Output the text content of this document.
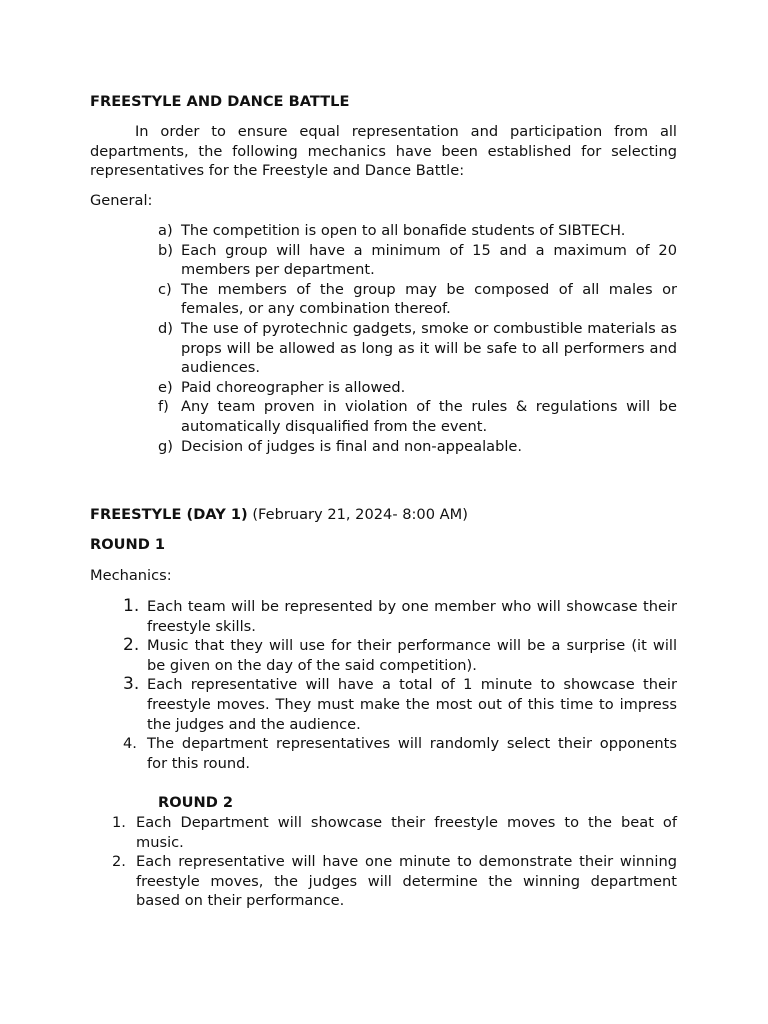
FREESTYLE AND DANCE BATTLE
In order to ensure equal representation and participation from all departments, the following mechanics have been established for selecting representatives for the Freestyle and Dance Battle:
General:
a) The competition is open to all bonafide students of SIBTECH.
b) Each group will have a minimum of 15 and a maximum of 20 members per department.
c) The members of the group may be composed of all males or females, or any combination thereof.
d) The use of pyrotechnic gadgets, smoke or combustible materials as props will be allowed as long as it will be safe to all performers and audiences.
e) Paid choreographer is allowed.
f) Any team proven in violation of the rules & regulations will be automatically disqualified from the event.
g) Decision of judges is final and non-appealable.
FREESTYLE (DAY 1) (February 21, 2024- 8:00 AM)
ROUND 1
Mechanics:
1. Each team will be represented by one member who will showcase their freestyle skills.
2. Music that they will use for their performance will be a surprise (it will be given on the day of the said competition).
3. Each representative will have a total of 1 minute to showcase their freestyle moves. They must make the most out of this time to impress the judges and the audience.
4. The department representatives will randomly select their opponents for this round.
ROUND 2
1. Each Department will showcase their freestyle moves to the beat of music.
2. Each representative will have one minute to demonstrate their winning freestyle moves, the judges will determine the winning department based on their performance.
